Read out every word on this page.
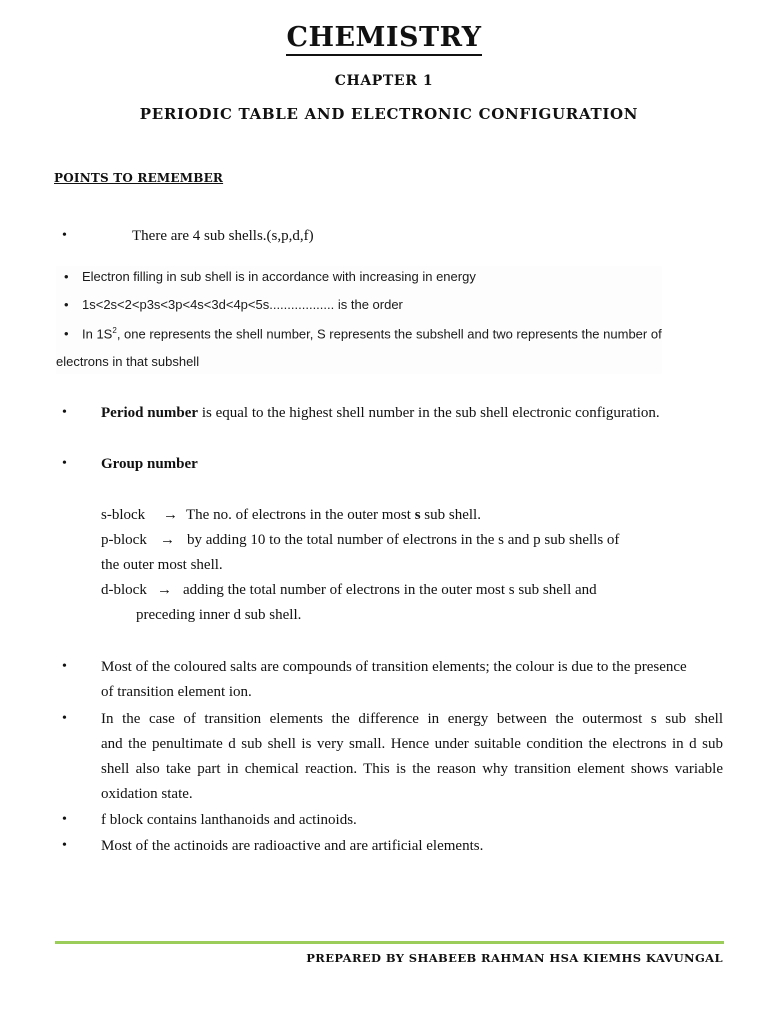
CHEMISTRY
CHAPTER 1
PERIODIC TABLE AND ELECTRONIC CONFIGURATION
POINTS TO REMEMBER
•	There are 4 sub shells.(s,p,d,f)
• Electron filling in sub shell is in accordance with increasing in energy
• 1s<2s<2<p3s<3p<4s<3d<4p<5s.................. is the order
• In $1S^2$, one represents the shell number, S represents the subshell and two represents the number of
electrons in that subshell
• Period number is equal to the highest shell number in the sub shell electronic configuration.
• Group number
s-block → The no. of electrons in the outer most s sub shell.
p-block → by adding 10 to the total number of electrons in the s and p sub shells of
the outer most shell.
d-block → adding the total number of electrons in the outer most s sub shell and
preceding inner d sub shell.
• Most of the coloured salts are compounds of transition elements; the colour is due to the presence
of transition element ion.
• In the case of transition elements the difference in energy between the outermost s sub shell
and the penultimate d sub shell is very small. Hence under suitable condition the electrons in d sub
shell also take part in chemical reaction. This is the reason why transition element shows variable
oxidation state.
• f block contains lanthanoids and actinoids.
• Most of the actinoids are radioactive and are artificial elements.
PREPARED BY SHABEEB RAHMAN HSA KIEMHS KAVUNGAL
